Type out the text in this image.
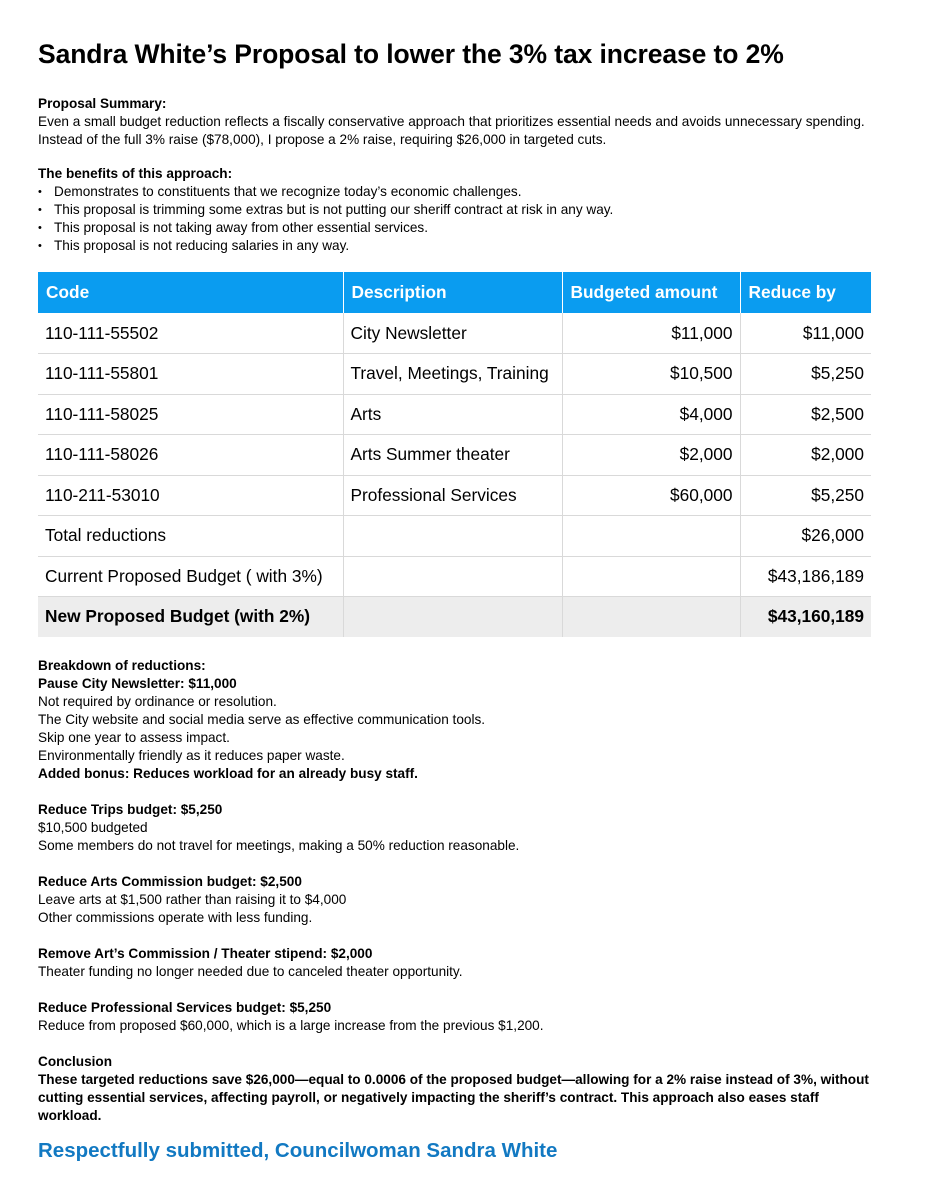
Sandra White’s Proposal to lower the 3% tax increase to 2%
Proposal Summary:
Even a small budget reduction reflects a fiscally conservative approach that prioritizes essential needs and avoids unnecessary spending. Instead of the full 3% raise ($78,000), I propose a 2% raise, requiring $26,000 in targeted cuts.
The benefits of this approach:
• Demonstrates to constituents that we recognize today’s economic challenges.
• This proposal is trimming some extras but is not putting our sheriff contract at risk in any way.
• This proposal is not taking away from other essential services.
• This proposal is not reducing salaries in any way.
Code	Description	Budgeted amount	Reduce by
110-111-55502	City Newsletter	$11,000	$11,000
110-111-55801	Travel, Meetings, Training	$10,500	$5,250
110-111-58025	Arts	$4,000	$2,500
110-111-58026	Arts Summer theater	$2,000	$2,000
110-211-53010	Professional Services	$60,000	$5,250
Total reductions			$26,000
Current Proposed Budget ( with 3%)			$43,186,189
New Proposed Budget (with 2%)			$43,160,189
Breakdown of reductions:
Pause City Newsletter: $11,000
Not required by ordinance or resolution.
The City website and social media serve as effective communication tools.
Skip one year to assess impact.
Environmentally friendly as it reduces paper waste.
Added bonus: Reduces workload for an already busy staff.
Reduce Trips budget: $5,250
$10,500 budgeted
Some members do not travel for meetings, making a 50% reduction reasonable.
Reduce Arts Commission budget: $2,500
Leave arts at $1,500 rather than raising it to $4,000
Other commissions operate with less funding.
Remove Art’s Commission / Theater stipend: $2,000
Theater funding no longer needed due to canceled theater opportunity.
Reduce Professional Services budget: $5,250
Reduce from proposed $60,000, which is a large increase from the previous $1,200.
Conclusion
These targeted reductions save $26,000—equal to 0.0006 of the proposed budget—allowing for a 2% raise instead of 3%, without cutting essential services, affecting payroll, or negatively impacting the sheriff’s contract. This approach also eases staff workload.
Respectfully submitted, Councilwoman Sandra White
